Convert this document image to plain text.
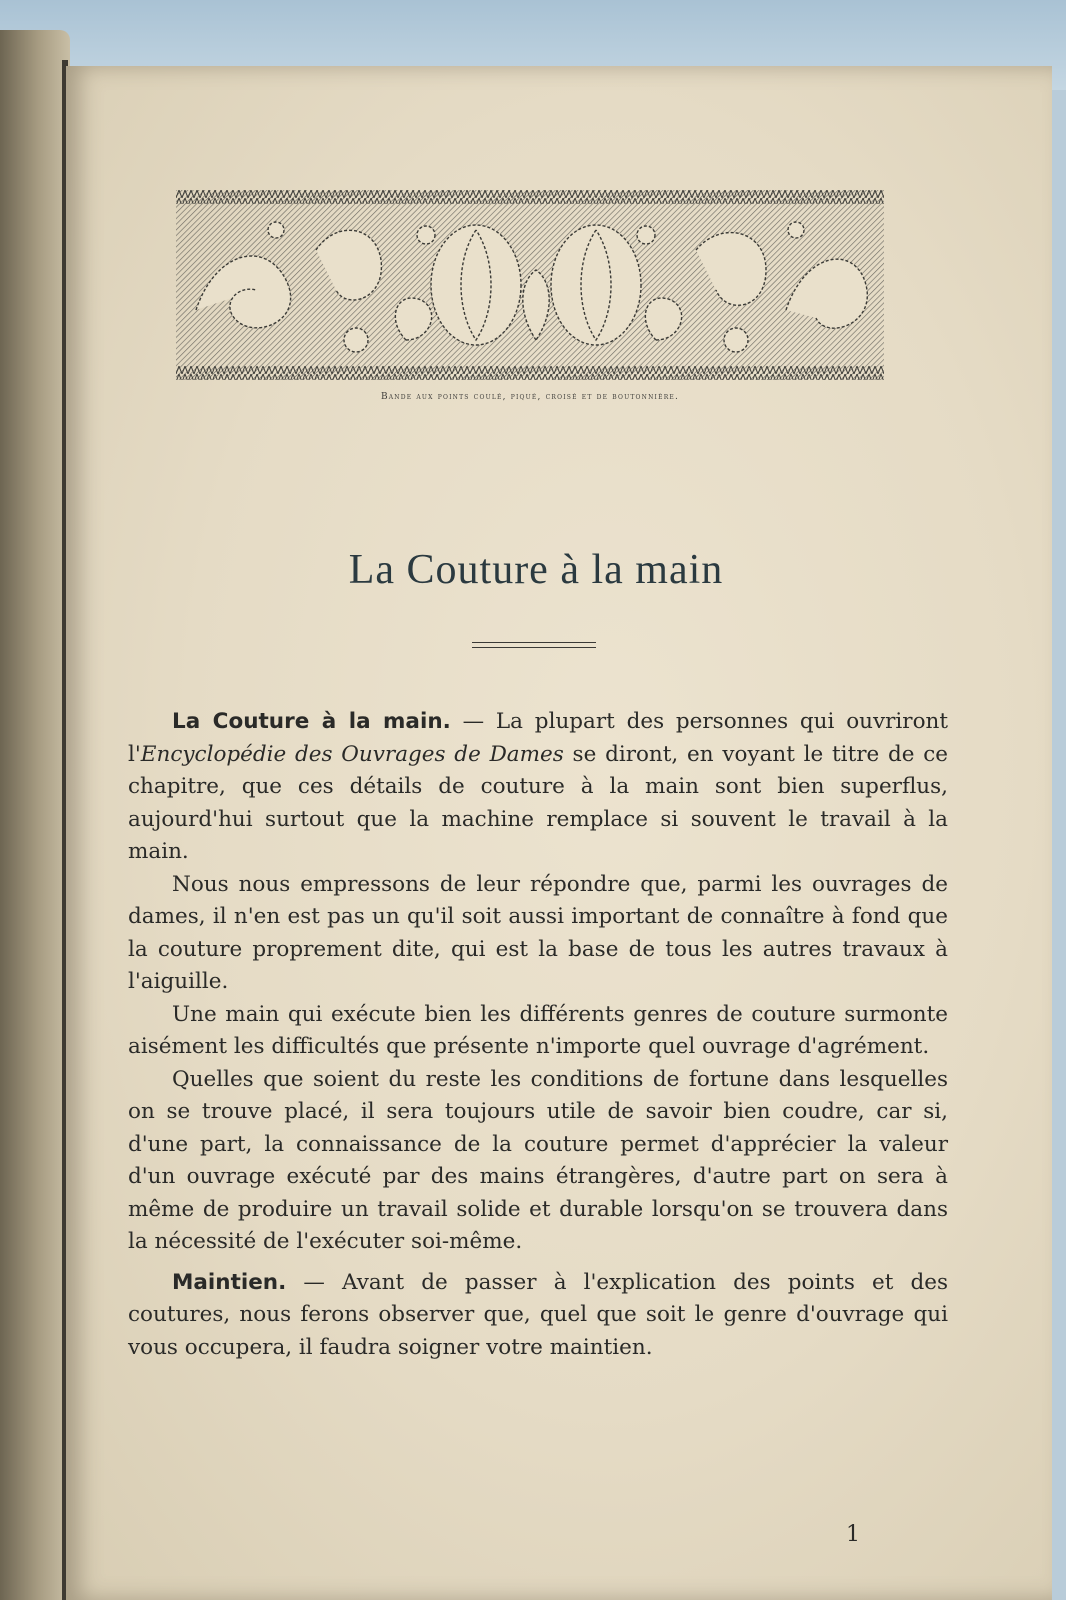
Bande aux points coulé, piqué, croisé et de boutonnière.
La Couture à la main

La Couture à la main. — La plupart des personnes qui ouvriront l'Encyclopédie des Ouvrages de Dames se diront, en voyant le titre de ce chapitre, que ces détails de couture à la main sont bien superflus, aujourd'hui surtout que la machine remplace si souvent le travail à la main.

Nous nous empressons de leur répondre que, parmi les ouvrages de dames, il n'en est pas un qu'il soit aussi important de connaître à fond que la couture proprement dite, qui est la base de tous les autres travaux à l'aiguille.

Une main qui exécute bien les différents genres de couture surmonte aisément les difficultés que présente n'importe quel ouvrage d'agrément.

Quelles que soient du reste les conditions de fortune dans lesquelles on se trouve placé, il sera toujours utile de savoir bien coudre, car si, d'une part, la connaissance de la couture permet d'apprécier la valeur d'un ouvrage exécuté par des mains étrangères, d'autre part on sera à même de produire un travail solide et durable lorsqu'on se trouvera dans la nécessité de l'exécuter soi-même.

Maintien. — Avant de passer à l'explication des points et des coutures, nous ferons observer que, quel que soit le genre d'ouvrage qui vous occupera, il faudra soigner votre maintien.

1
